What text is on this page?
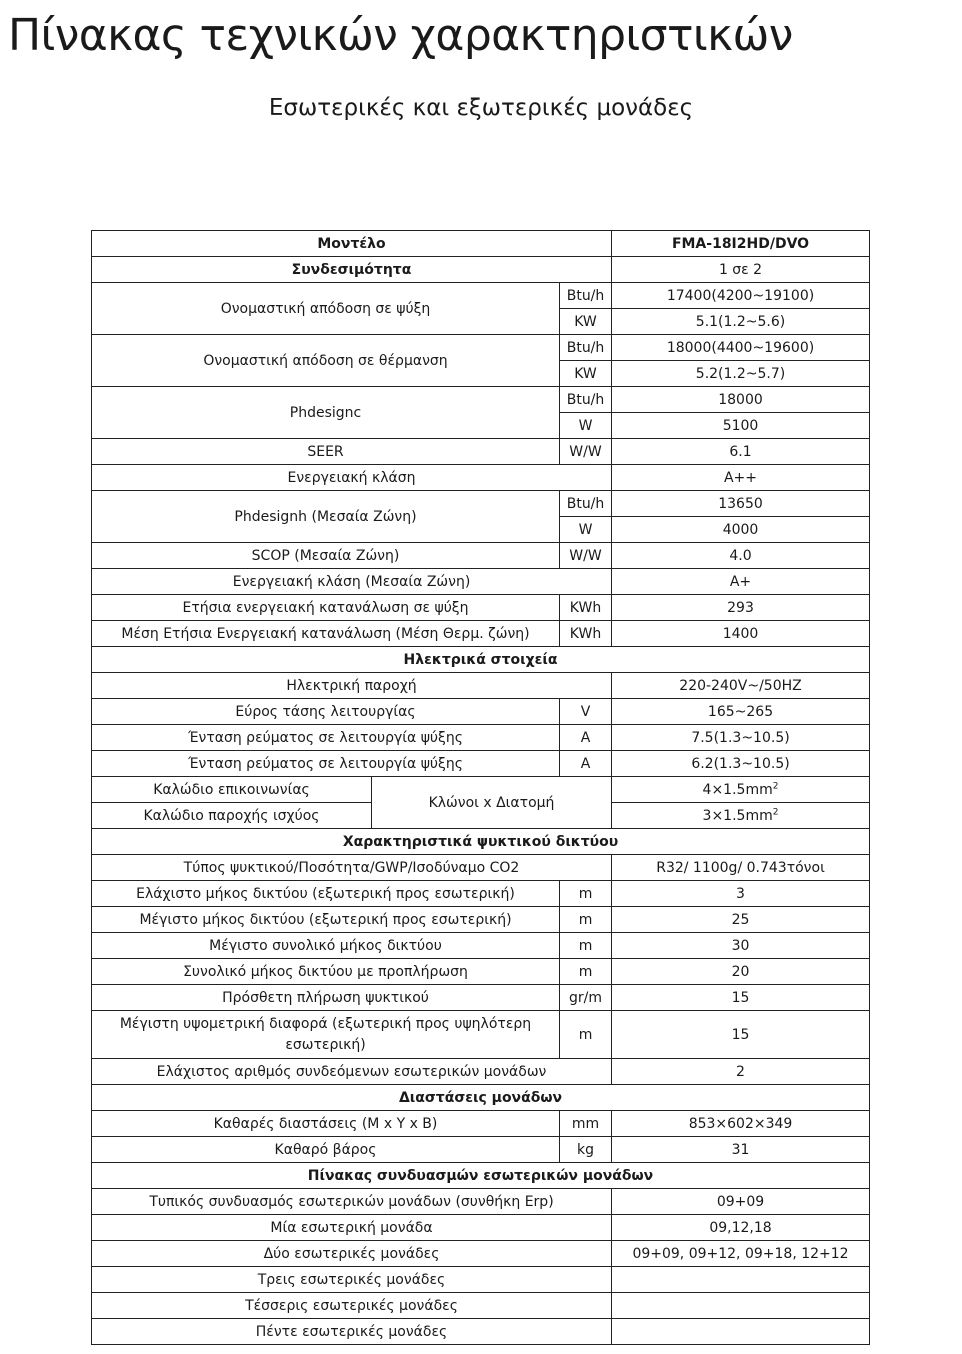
Πίνακας τεχνικών χαρακτηριστικών
Εσωτερικές και εξωτερικές μονάδες
Μοντέλο			FMA-18I2HD/DVO
Συνδεσιμότητα			1 σε 2
Ονομαστική απόδοση σε ψύξη		Btu/h	17400(4200~19100)
		KW	5.1(1.2~5.6)
Ονομαστική απόδοση σε θέρμανση		Btu/h	18000(4400~19600)
		KW	5.2(1.2~5.7)
Phdesignc		Btu/h	18000
		W	5100
SEER		W/W	6.1
Ενεργειακή κλάση			A++
Phdesignh (Μεσαία Ζώνη)		Btu/h	13650
		W	4000
SCOP (Μεσαία Ζώνη)		W/W	4.0
Ενεργειακή κλάση (Μεσαία Ζώνη)			A+
Ετήσια ενεργειακή κατανάλωση σε ψύξη		KWh	293
Μέση Ετήσια Ενεργειακή κατανάλωση (Μέση Θερμ. ζώνη)		KWh	1400
Ηλεκτρικά στοιχεία			
Ηλεκτρική παροχή			220-240V~/50HZ
Εύρος τάσης λειτουργίας		V	165~265
Ένταση ρεύματος σε λειτουργία ψύξης		A	7.5(1.3~10.5)
Ένταση ρεύματος σε λειτουργία ψύξης		A	6.2(1.3~10.5)
Καλώδιο επικοινωνίας	Κλώνοι x Διατομή		$4\times 1.5mm^2$
Καλώδιο παροχής ισχύος			$3\times 1.5mm^2$
Χαρακτηριστικά ψυκτικού δικτύου			
Τύπος ψυκτικού/Ποσότητα/GWP/Ισοδύναμο CO2			R32/ 1100g/ 0.743τόνοι
Ελάχιστο μήκος δικτύου (εξωτερική προς εσωτερική)		m	3
Μέγιστο μήκος δικτύου (εξωτερική προς εσωτερική)		m	25
Μέγιστο συνολικό μήκος δικτύου		m	30
Συνολικό μήκος δικτύου με προπλήρωση		m	20
Πρόσθετη πλήρωση ψυκτικού		gr/m	15
Μέγιστη υψομετρική διαφορά (εξωτερική προς υψηλότερη εσωτερική)		m	15
Ελάχιστος αριθμός συνδεόμενων εσωτερικών μονάδων			2
Διαστάσεις μονάδων			
Καθαρές διαστάσεις (Μ x Υ x Β)		mm	853×602×349
Καθαρό βάρος		kg	31
Πίνακας συνδυασμών εσωτερικών μονάδων			
Τυπικός συνδυασμός εσωτερικών μονάδων (συνθήκη Erp)			09+09
Μία εσωτερική μονάδα			09,12,18
Δύο εσωτερικές μονάδες			09+09, 09+12, 09+18, 12+12
Τρεις εσωτερικές μονάδες			
Τέσσερις εσωτερικές μονάδες			
Πέντε εσωτερικές μονάδες			
